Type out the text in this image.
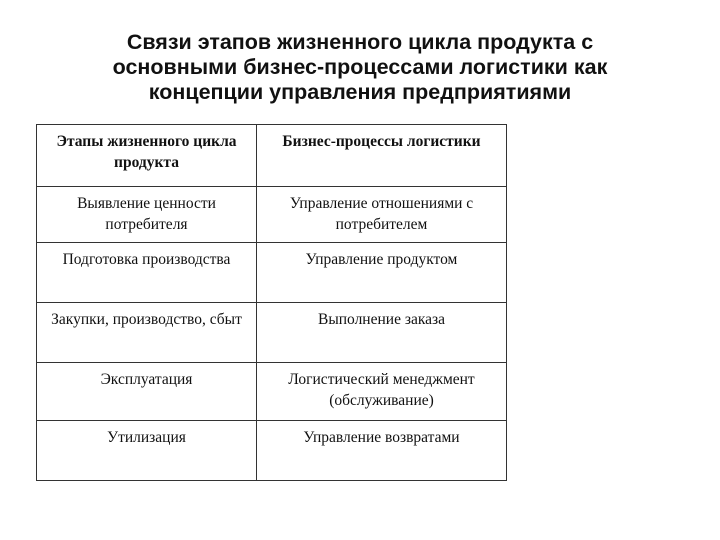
Связи этапов жизненного цикла продукта с
основными бизнес-процессами логистики как
концепции управления предприятиями
Этапы жизненного цикла продукта	Бизнес-процессы логистики
Выявление ценности потребителя	Управление отношениями с потребителем
Подготовка производства	Управление продуктом
Закупки, производство, сбыт	Выполнение заказа
Эксплуатация	Логистический менеджмент (обслуживание)
Утилизация	Управление возвратами
